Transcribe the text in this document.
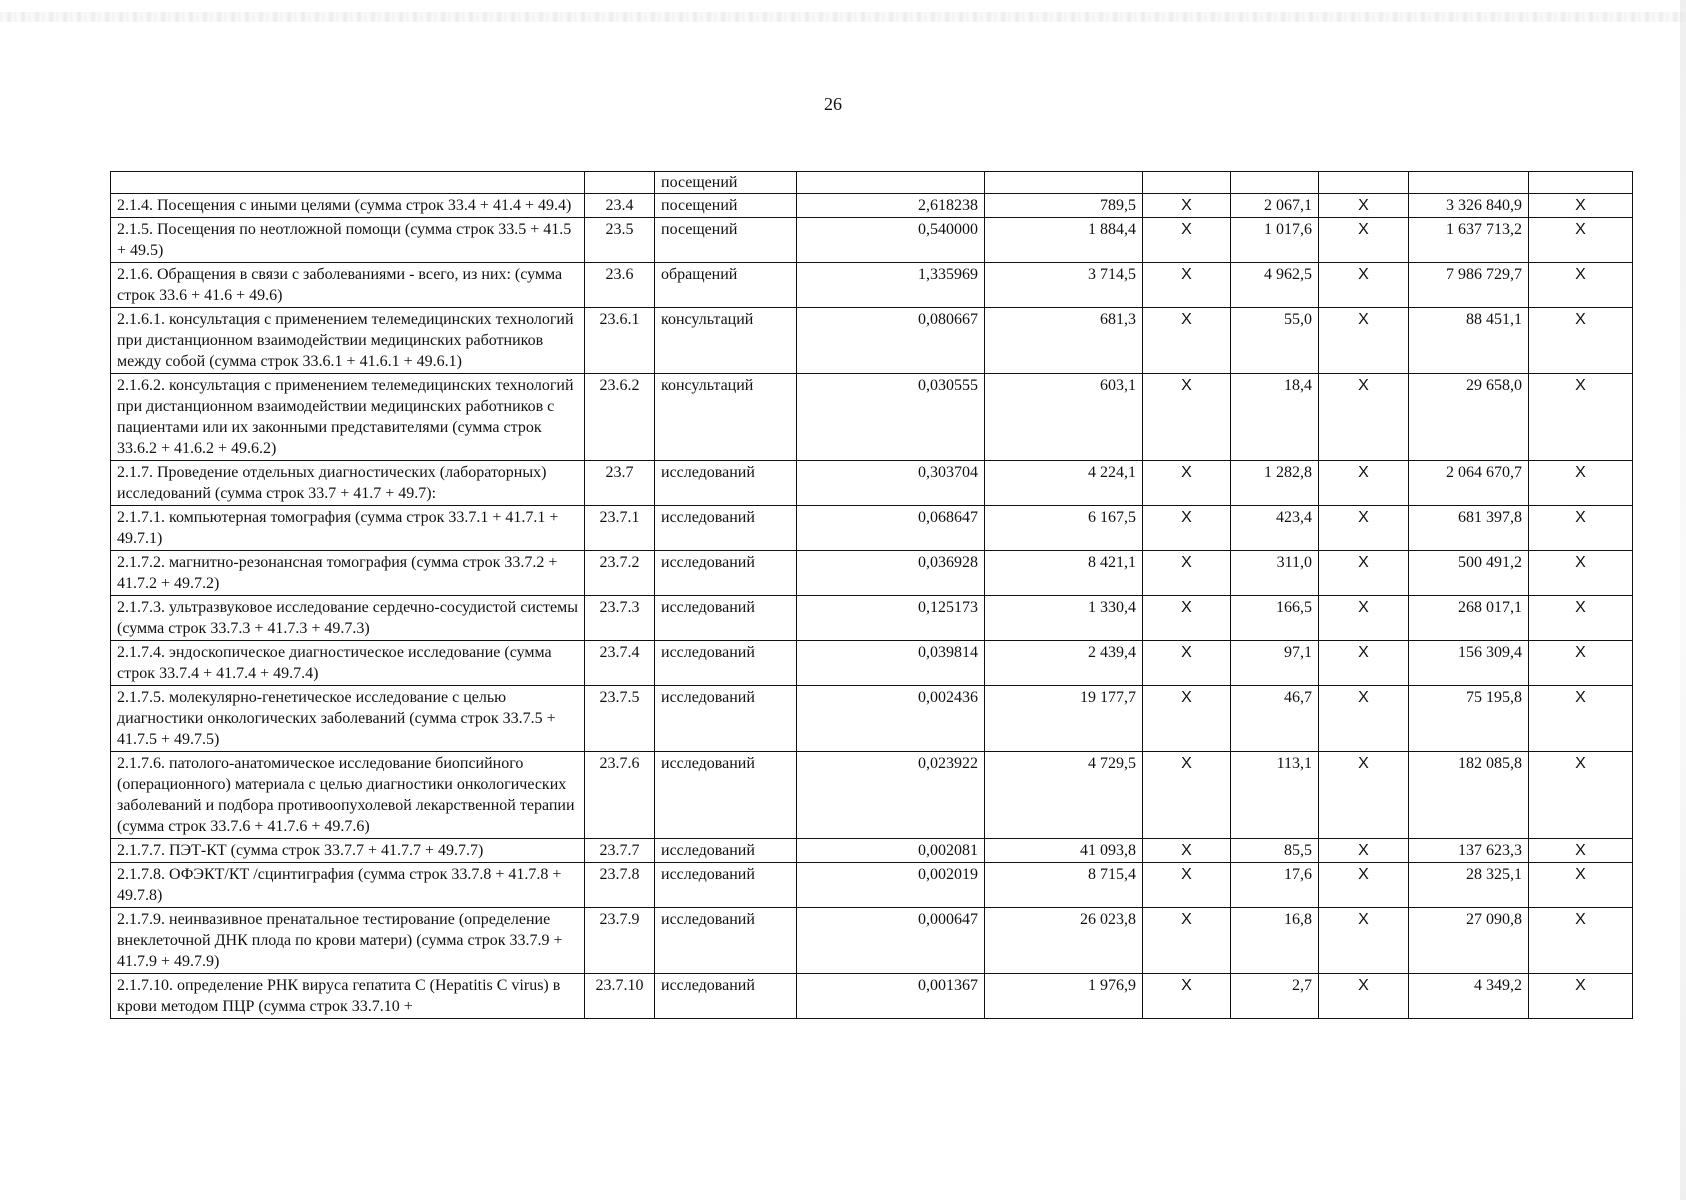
26
		посещений							
2.1.4. Посещения с иными целями (сумма строк 33.4 + 41.4 + 49.4)	23.4	посещений	2,618238	789,5	Х	2 067,1	Х	3 326 840,9	Х
2.1.5. Посещения по неотложной помощи (сумма строк 33.5 + 41.5 + 49.5)	23.5	посещений	0,540000	1 884,4	Х	1 017,6	Х	1 637 713,2	Х
2.1.6. Обращения в связи с заболеваниями - всего, из них: (сумма строк 33.6 + 41.6 + 49.6)	23.6	обращений	1,335969	3 714,5	Х	4 962,5	Х	7 986 729,7	Х
2.1.6.1. консультация с применением телемедицинских технологий при дистанционном взаимодействии медицинских работников между собой (сумма строк 33.6.1 + 41.6.1 + 49.6.1)	23.6.1	консультаций	0,080667	681,3	Х	55,0	Х	88 451,1	Х
2.1.6.2. консультация с применением телемедицинских технологий при дистанционном взаимодействии медицинских работников с пациентами или их законными представителями (сумма строк 33.6.2 + 41.6.2 + 49.6.2)	23.6.2	консультаций	0,030555	603,1	Х	18,4	Х	29 658,0	Х
2.1.7. Проведение отдельных диагностических (лабораторных) исследований (сумма строк 33.7 + 41.7 + 49.7):	23.7	исследований	0,303704	4 224,1	Х	1 282,8	Х	2 064 670,7	Х
2.1.7.1. компьютерная томография (сумма строк 33.7.1 + 41.7.1 + 49.7.1)	23.7.1	исследований	0,068647	6 167,5	Х	423,4	Х	681 397,8	Х
2.1.7.2. магнитно-резонансная томография (сумма строк 33.7.2 + 41.7.2 + 49.7.2)	23.7.2	исследований	0,036928	8 421,1	Х	311,0	Х	500 491,2	Х
2.1.7.3. ультразвуковое исследование сердечно-сосудистой системы (сумма строк 33.7.3 + 41.7.3 + 49.7.3)	23.7.3	исследований	0,125173	1 330,4	Х	166,5	Х	268 017,1	Х
2.1.7.4. эндоскопическое диагностическое исследование (сумма строк 33.7.4 + 41.7.4 + 49.7.4)	23.7.4	исследований	0,039814	2 439,4	Х	97,1	Х	156 309,4	Х
2.1.7.5. молекулярно-генетическое исследование с целью диагностики онкологических заболеваний (сумма строк 33.7.5 + 41.7.5 + 49.7.5)	23.7.5	исследований	0,002436	19 177,7	Х	46,7	Х	75 195,8	Х
2.1.7.6. патолого-анатомическое исследование биопсийного (операционного) материала с целью диагностики онкологических заболеваний и подбора противоопухолевой лекарственной терапии (сумма строк 33.7.6 + 41.7.6 + 49.7.6)	23.7.6	исследований	0,023922	4 729,5	Х	113,1	Х	182 085,8	Х
2.1.7.7. ПЭТ-КТ (сумма строк 33.7.7 + 41.7.7 + 49.7.7)	23.7.7	исследований	0,002081	41 093,8	Х	85,5	Х	137 623,3	Х
2.1.7.8. ОФЭКТ/КТ /сцинтиграфия (сумма строк 33.7.8 + 41.7.8 + 49.7.8)	23.7.8	исследований	0,002019	8 715,4	Х	17,6	Х	28 325,1	Х
2.1.7.9. неинвазивное пренатальное тестирование (определение внеклеточной ДНК плода по крови матери) (сумма строк 33.7.9 + 41.7.9 + 49.7.9)	23.7.9	исследований	0,000647	26 023,8	Х	16,8	Х	27 090,8	Х
2.1.7.10. определение РНК вируса гепатита С (Hepatitis C virus) в крови методом ПЦР (сумма строк 33.7.10 +	23.7.10	исследований	0,001367	1 976,9	Х	2,7	Х	4 349,2	Х
